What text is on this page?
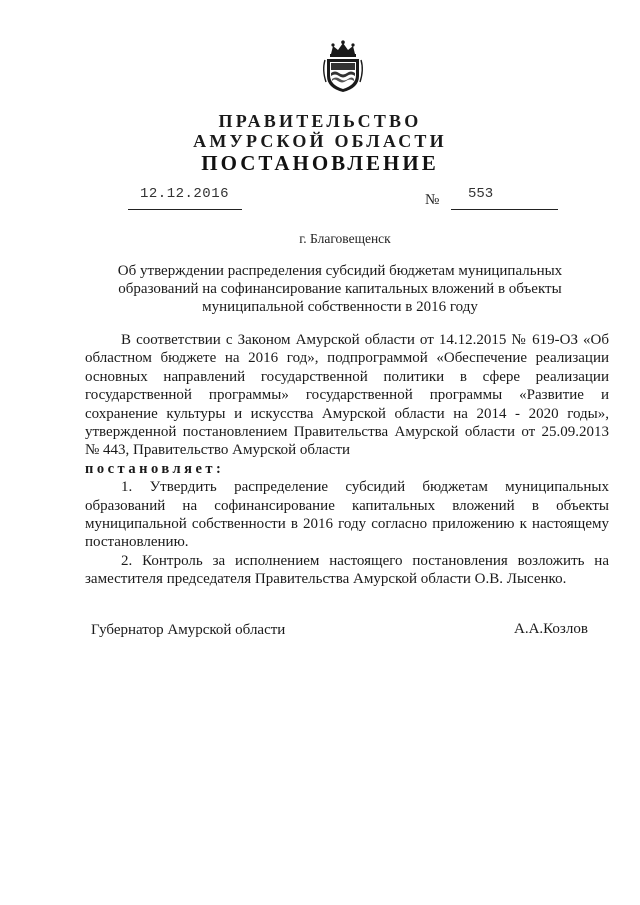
ПРАВИТЕЛЬСТВО
АМУРСКОЙ ОБЛАСТИ
ПОСТАНОВЛЕНИЕ
12.12.2016	№ 553
г. Благовещенск
Об утверждении распределения субсидий бюджетам муниципальных
образований на софинансирование капитальных вложений в объекты
муниципальной собственности в 2016 году

В соответствии с Законом Амурской области от 14.12.2015 № 619-ОЗ «Об областном бюджете на 2016 год», подпрограммой «Обеспечение реализации основных направлений государственной политики в сфере реализации государственной программы» государственной программы «Развитие и сохранение культуры и искусства Амурской области на 2014 - 2020 годы», утвержденной постановлением Правительства Амурской области от 25.09.2013 № 443, Правительство Амурской области

постановляет:

1. Утвердить распределение субсидий бюджетам муниципальных образований на софинансирование капитальных вложений в объекты муниципальной собственности в 2016 году согласно приложению к настоящему постановлению.

2. Контроль за исполнением настоящего постановления возложить на заместителя председателя Правительства Амурской области О.В. Лысенко.

Губернатор Амурской области	А.А.Козлов
